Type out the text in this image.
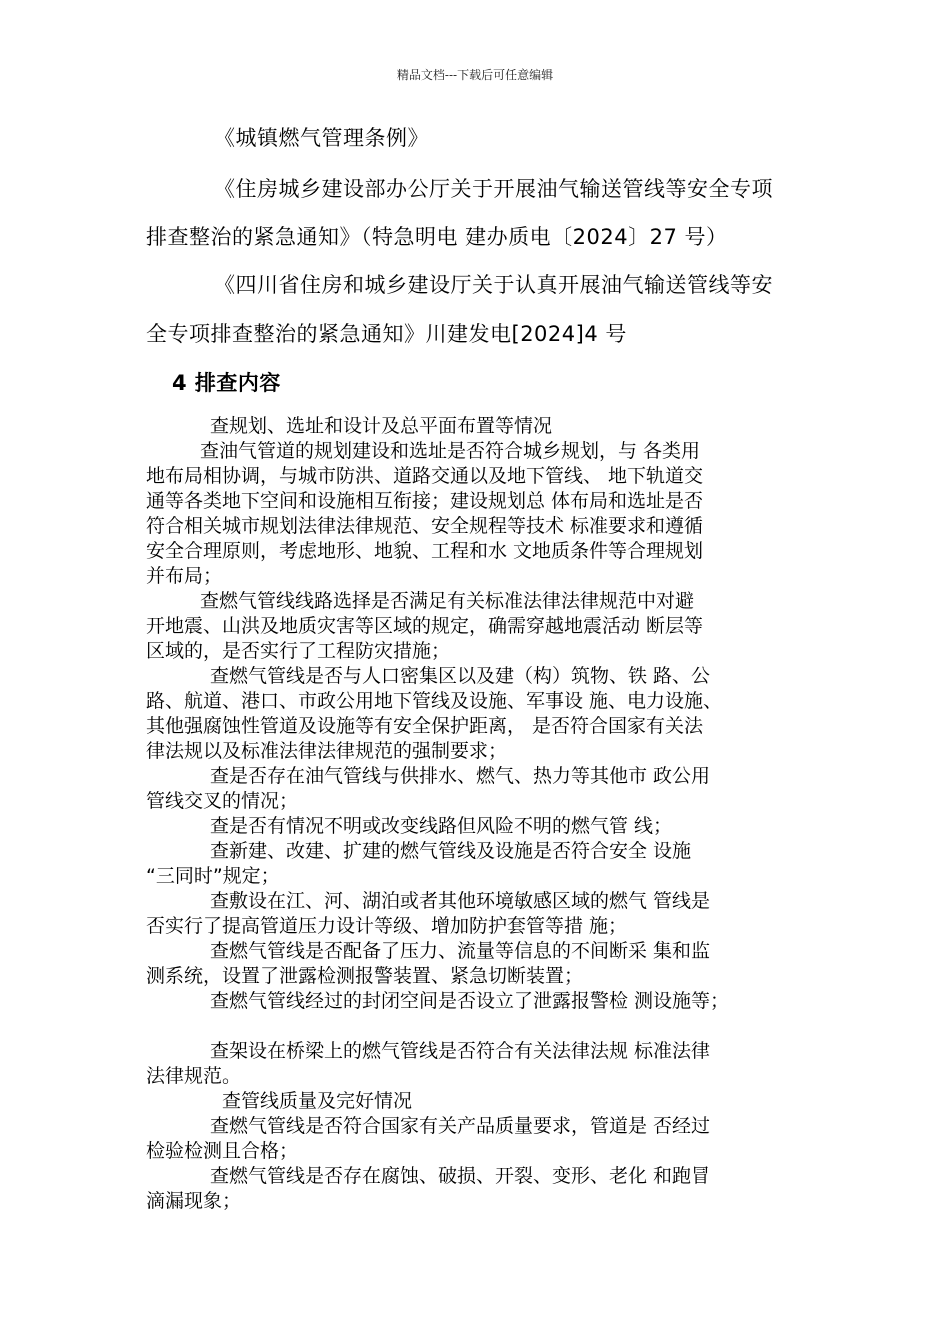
精品文档---下载后可任意编辑
《城镇燃气管理条例》
《住房城乡建设部办公厅关于开展油气输送管线等安全专项
排查整治的紧急通知》（特急明电 建办质电〔2024〕27 号）
《四川省住房和城乡建设厅关于认真开展油气输送管线等安
全专项排查整治的紧急通知》川建发电[2024]4 号
4 排查内容
查规划、选址和设计及总平面布置等情况
查油气管道的规划建设和选址是否符合城乡规划，与 各类用
地布局相协调，与城市防洪、道路交通以及地下管线、 地下轨道交
通等各类地下空间和设施相互衔接；建设规划总 体布局和选址是否
符合相关城市规划法律法律规范、安全规程等技术 标准要求和遵循
安全合理原则，考虑地形、地貌、工程和水 文地质条件等合理规划
并布局；
查燃气管线线路选择是否满足有关标准法律法律规范中对避
开地震、山洪及地质灾害等区域的规定，确需穿越地震活动 断层等
区域的，是否实行了工程防灾措施；
查燃气管线是否与人口密集区以及建（构）筑物、铁 路、公
路、航道、港口、市政公用地下管线及设施、军事设 施、电力设施、
其他强腐蚀性管道及设施等有安全保护距离， 是否符合国家有关法
律法规以及标准法律法律规范的强制要求；
查是否存在油气管线与供排水、燃气、热力等其他市 政公用
管线交叉的情况；
查是否有情况不明或改变线路但风险不明的燃气管 线；
查新建、改建、扩建的燃气管线及设施是否符合安全 设施
“三同时”规定；
查敷设在江、河、湖泊或者其他环境敏感区域的燃气 管线是
否实行了提高管道压力设计等级、增加防护套管等措 施；
查燃气管线是否配备了压力、流量等信息的不间断采 集和监
测系统，设置了泄露检测报警装置、紧急切断装置；
查燃气管线经过的封闭空间是否设立了泄露报警检 测设施等；
查架设在桥梁上的燃气管线是否符合有关法律法规 标准法律
法律规范。
查管线质量及完好情况
查燃气管线是否符合国家有关产品质量要求，管道是 否经过
检验检测且合格；
查燃气管线是否存在腐蚀、破损、开裂、变形、老化 和跑冒
滴漏现象；
